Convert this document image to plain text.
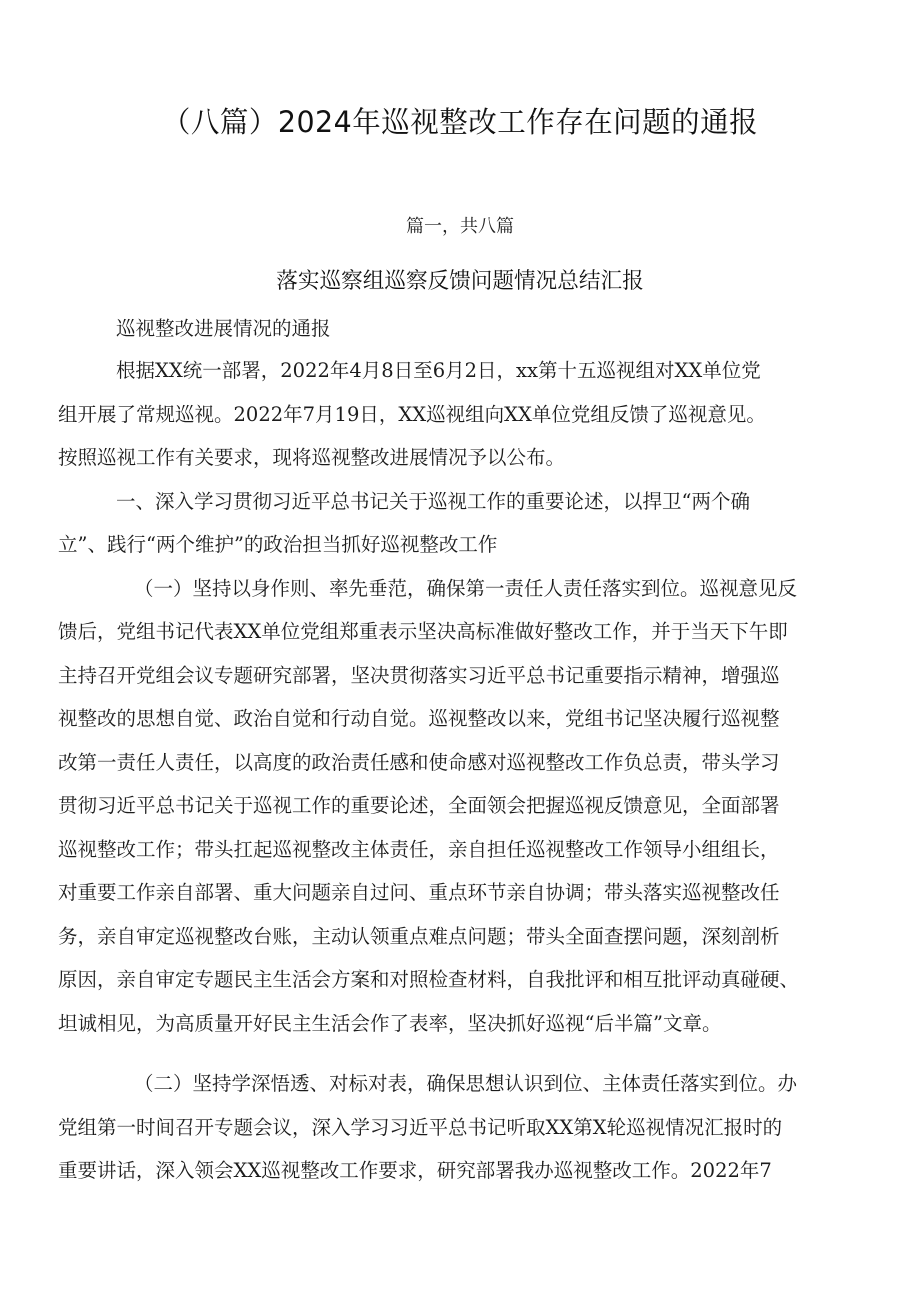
（八篇）2024年巡视整改工作存在问题的通报
篇一，共八篇
落实巡察组巡察反馈问题情况总结汇报
巡视整改进展情况的通报
根据XX统一部署，2022年4月8日至6月2日，xx第十五巡视组对XX单位党
组开展了常规巡视。2022年7月19日，XX巡视组向XX单位党组反馈了巡视意见。
按照巡视工作有关要求，现将巡视整改进展情况予以公布。
一、深入学习贯彻习近平总书记关于巡视工作的重要论述，以捍卫“两个确
立”、践行“两个维护”的政治担当抓好巡视整改工作
（一）坚持以身作则、率先垂范，确保第一责任人责任落实到位。巡视意见反
馈后，党组书记代表XX单位党组郑重表示坚决高标准做好整改工作，并于当天下午即
主持召开党组会议专题研究部署，坚决贯彻落实习近平总书记重要指示精神，增强巡
视整改的思想自觉、政治自觉和行动自觉。巡视整改以来，党组书记坚决履行巡视整
改第一责任人责任，以高度的政治责任感和使命感对巡视整改工作负总责，带头学习
贯彻习近平总书记关于巡视工作的重要论述，全面领会把握巡视反馈意见，全面部署
巡视整改工作；带头扛起巡视整改主体责任，亲自担任巡视整改工作领导小组组长，
对重要工作亲自部署、重大问题亲自过问、重点环节亲自协调；带头落实巡视整改任
务，亲自审定巡视整改台账，主动认领重点难点问题；带头全面查摆问题，深刻剖析
原因，亲自审定专题民主生活会方案和对照检查材料，自我批评和相互批评动真碰硬、
坦诚相见，为高质量开好民主生活会作了表率，坚决抓好巡视“后半篇”文章。
（二）坚持学深悟透、对标对表，确保思想认识到位、主体责任落实到位。办
党组第一时间召开专题会议，深入学习习近平总书记听取XX第X轮巡视情况汇报时的
重要讲话，深入领会XX巡视整改工作要求，研究部署我办巡视整改工作。2022年7
